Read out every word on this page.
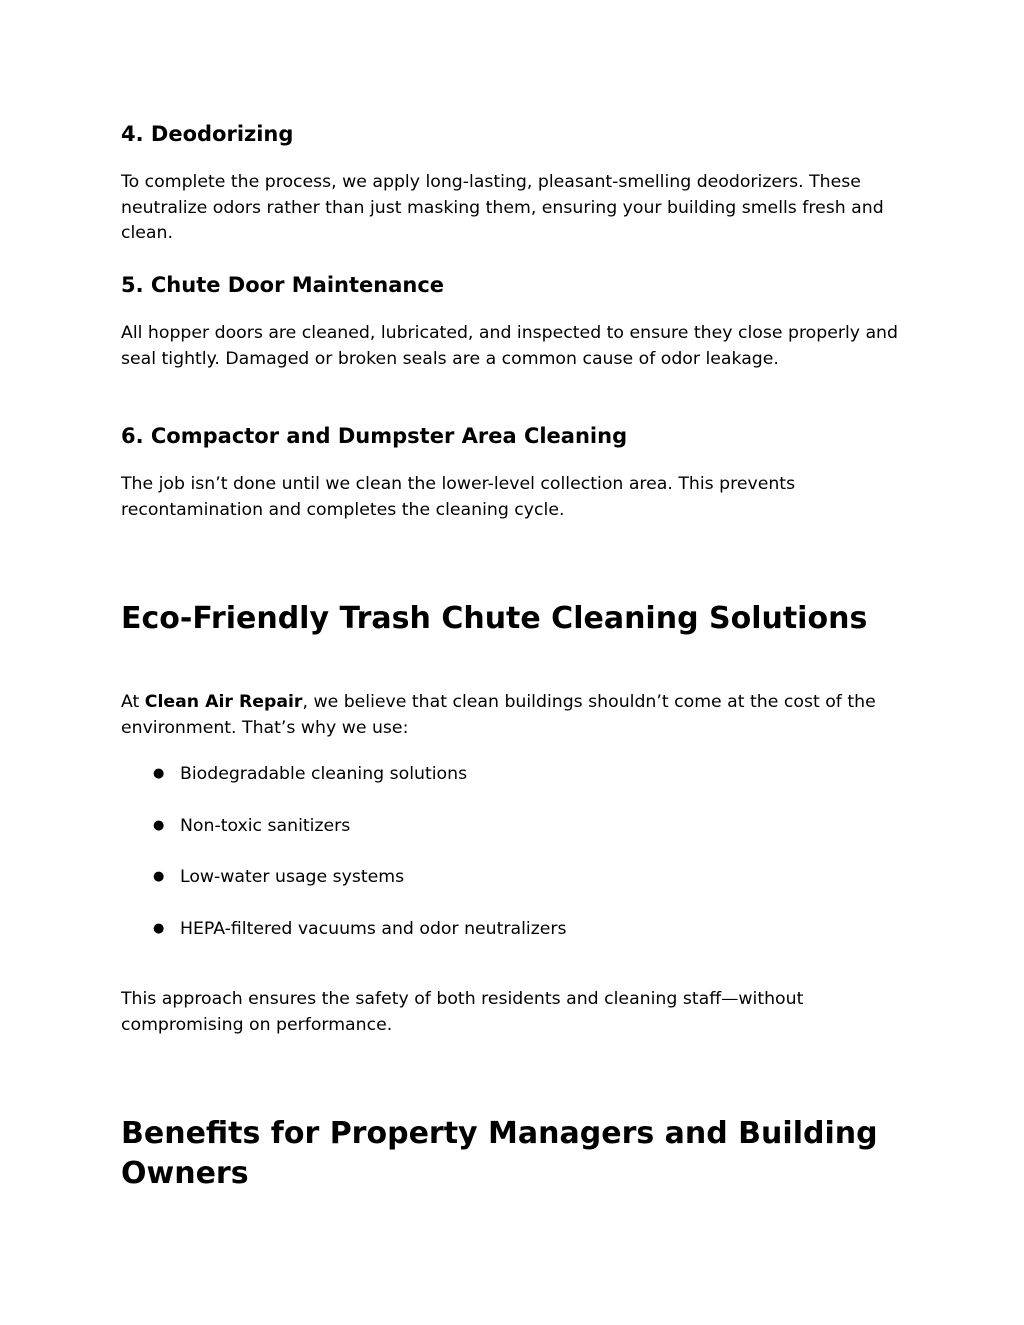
4. Deodorizing

To complete the process, we apply long-lasting, pleasant-smelling deodorizers. These neutralize odors rather than just masking them, ensuring your building smells fresh and clean.

5. Chute Door Maintenance

All hopper doors are cleaned, lubricated, and inspected to ensure they close properly and seal tightly. Damaged or broken seals are a common cause of odor leakage.

6. Compactor and Dumpster Area Cleaning

The job isn’t done until we clean the lower-level collection area. This prevents recontamination and completes the cleaning cycle.

Eco-Friendly Trash Chute Cleaning Solutions

At Clean Air Repair, we believe that clean buildings shouldn’t come at the cost of the environment. That’s why we use:

● Biodegradable cleaning solutions
● Non-toxic sanitizers
● Low-water usage systems
● HEPA-filtered vacuums and odor neutralizers

This approach ensures the safety of both residents and cleaning staff—without compromising on performance.

Benefits for Property Managers and Building Owners
